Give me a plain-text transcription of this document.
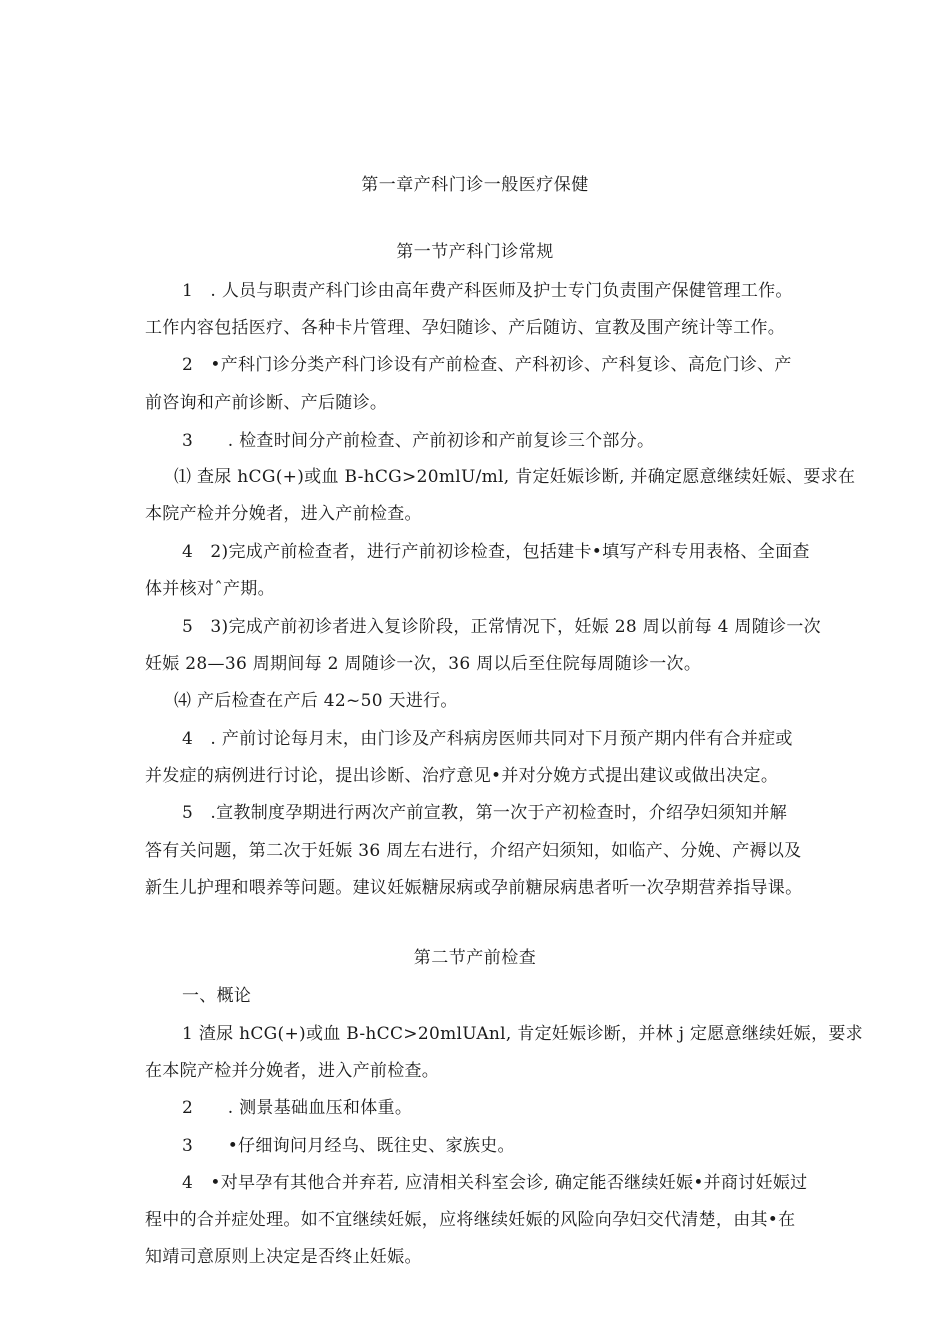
第一章产科门诊一般医疗保健
第一节产科门诊常规
1　. 人员与职责产科门诊由高年费产科医师及护士专门负责围产保健管理工作。
工作内容包括医疗、各种卡片管理、孕妇随诊、产后随访、宣教及围产统计等工作。
2　•产科门诊分类产科门诊设有产前检查、产科初诊、产科复诊、高危门诊、产
前咨询和产前诊断、产后随诊。
3　　. 检查时间分产前检查、产前初诊和产前复诊三个部分。
⑴ 查尿 hCG(+)或血 B-hCG>20mlU/ml, 肯定妊娠诊断, 并确定愿意继续妊娠、要求在
本院产检并分娩者，进入产前检查。
4　2)完成产前检查者，进行产前初诊检查，包括建卡•填写产科专用表格、全面查
体并核对ˆ产期。
5　3)完成产前初诊者进入复诊阶段，正常情况下，妊娠 28 周以前每 4 周随诊一次
妊娠 28—36 周期间每 2 周随诊一次，36 周以后至住院每周随诊一次。
⑷ 产后检查在产后 42~50 天进行。
4　. 产前讨论每月末，由门诊及产科病房医师共同对下月预产期内伴有合并症或
并发症的病例进行讨论，提出诊断、治疗意见•并对分娩方式提出建议或做出决定。
5　.宣教制度孕期进行两次产前宣教，第一次于产初检查时，介绍孕妇须知并解
答有关问题，第二次于妊娠 36 周左右进行，介绍产妇须知，如临产、分娩、产褥以及
新生儿护理和喂养等问题。建议妊娠糖尿病或孕前糖尿病患者听一次孕期营养指导课。
第二节产前检查
一、概论
1 渣尿 hCG(+)或血 B-hCC>20mlUAnl, 肯定妊娠诊断，并林 j 定愿意继续妊娠，要求
在本院产检并分娩者，进入产前检查。
2　　. 测景基础血压和体重。
3　　•仔细询问月经乌、既往史、家族史。
4　•对早孕有其他合并弃若, 应清相关科室会诊, 确定能否继续妊娠•并商讨妊娠过
程中的合并症处理。如不宜继续妊娠，应将继续妊娠的风险向孕妇交代清楚，由其•在
知靖司意原则上决定是否终止妊娠。
